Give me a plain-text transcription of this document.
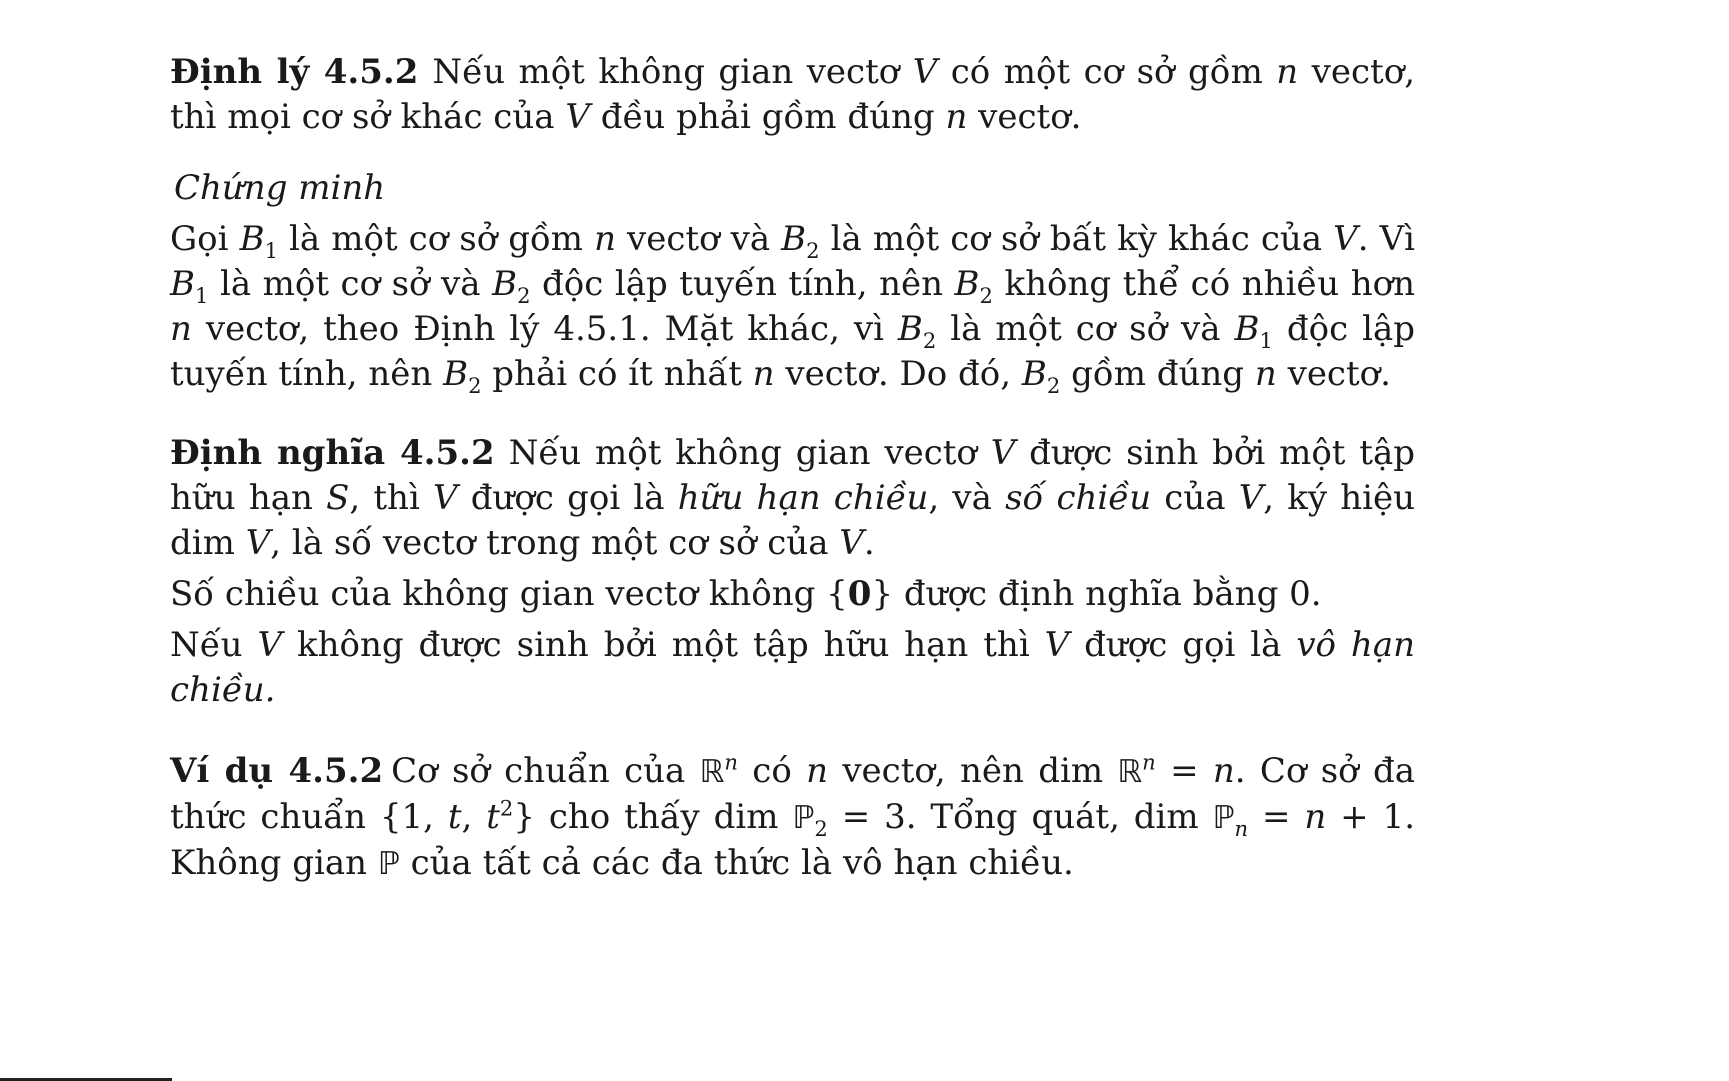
Định lý 4.5.2 Nếu một không gian vectơ V có một cơ sở gồm n vectơ, thì mọi cơ sở khác của V đều phải gồm đúng n vectơ.

Chứng minh

Gọi $B_1$ là một cơ sở gồm n vectơ và $B_2$ là một cơ sở bất kỳ khác của V. Vì $B_1$ là một cơ sở và $B_2$ độc lập tuyến tính, nên $B_2$ không thể có nhiều hơn n vectơ, theo Định lý 4.5.1. Mặt khác, vì $B_2$ là một cơ sở và $B_1$ độc lập tuyến tính, nên $B_2$ phải có ít nhất n vectơ. Do đó, $B_2$ gồm đúng n vectơ.

Định nghĩa 4.5.2 Nếu một không gian vectơ V được sinh bởi một tập hữu hạn S, thì V được gọi là hữu hạn chiều, và số chiều của V, ký hiệu dim V, là số vectơ trong một cơ sở của V.

Số chiều của không gian vectơ không {0} được định nghĩa bằng 0.

Nếu V không được sinh bởi một tập hữu hạn thì V được gọi là vô hạn chiều.

Ví dụ 4.5.2 Cơ sở chuẩn của ℝ$^n$ có n vectơ, nên dim ℝ$^n$ = n. Cơ sở đa thức chuẩn {1, t, $t^2$} cho thấy dim ℙ$_2$ = 3. Tổng quát, dim ℙ$_n$ = n + 1. Không gian ℙ của tất cả các đa thức là vô hạn chiều.
